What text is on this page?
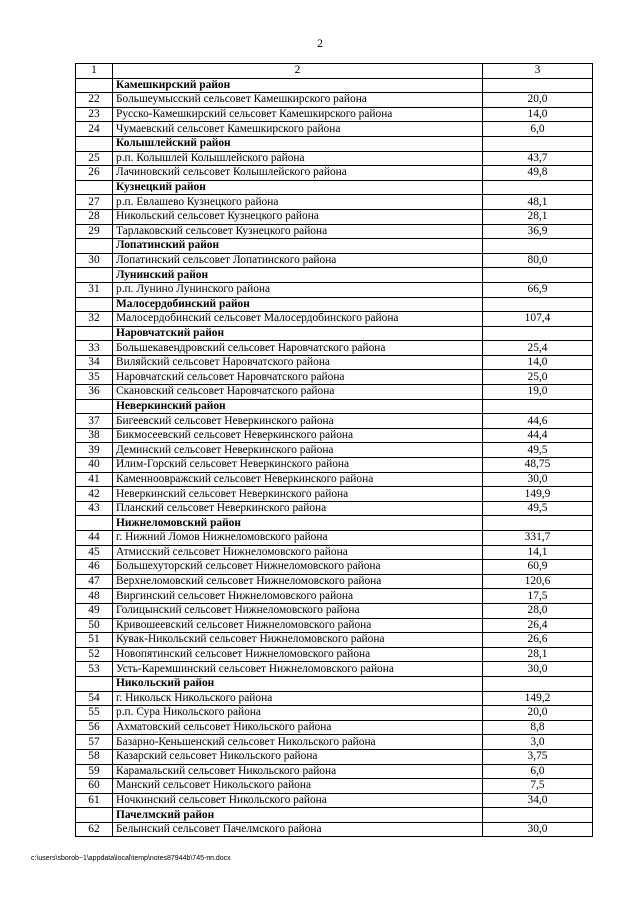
2
1	2	3
	Камешкирский район	
22	Большеумысский сельсовет Камешкирского района	20,0
23	Русско-Камешкирский сельсовет Камешкирского района	14,0
24	Чумаевский сельсовет Камешкирского района	6,0
	Колышлейский район	
25	р.п. Колышлей Колышлейского района	43,7
26	Лачиновский сельсовет Колышлейского района	49,8
	Кузнецкий район	
27	р.п. Евлашево Кузнецкого района	48,1
28	Никольский сельсовет Кузнецкого района	28,1
29	Тарлаковский сельсовет Кузнецкого района	36,9
	Лопатинский район	
30	Лопатинский сельсовет Лопатинского района	80,0
	Лунинский район	
31	р.п. Лунино Лунинского района	66,9
	Малосердобинский район	
32	Малосердобинский сельсовет Малосердобинского района	107,4
	Наровчатский район	
33	Большекавендровский сельсовет Наровчатского района	25,4
34	Виляйский сельсовет Наровчатского района	14,0
35	Наровчатский сельсовет Наровчатского района	25,0
36	Скановский сельсовет Наровчатского района	19,0
	Неверкинский район	
37	Бигеевский сельсовет Неверкинского района	44,6
38	Бикмосеевский сельсовет Неверкинского района	44,4
39	Деминский сельсовет Неверкинского района	49,5
40	Илим-Горский сельсовет Неверкинского района	48,75
41	Каменноовражский сельсовет Неверкинского района	30,0
42	Неверкинский сельсовет Неверкинского района	149,9
43	Планский сельсовет Неверкинского района	49,5
	Нижнеломовский район	
44	г. Нижний Ломов Нижнеломовского района	331,7
45	Атмисский сельсовет Нижнеломовского района	14,1
46	Большехуторский сельсовет Нижнеломовского района	60,9
47	Верхнеломовский сельсовет Нижнеломовского района	120,6
48	Виргинский сельсовет Нижнеломовского района	17,5
49	Голицынский сельсовет Нижнеломовского района	28,0
50	Кривошеевский сельсовет Нижнеломовского района	26,4
51	Кувак-Никольский сельсовет Нижнеломовского района	26,6
52	Новопятинский сельсовет Нижнеломовского района	28,1
53	Усть-Каремшинский сельсовет Нижнеломовского района	30,0
	Никольский район	
54	г. Никольск Никольского района	149,2
55	р.п. Сура Никольского района	20,0
56	Ахматовский сельсовет Никольского района	8,8
57	Базарно-Кеньшенский сельсовет Никольского района	3,0
58	Казарский сельсовет Никольского района	3,75
59	Карамальский сельсовет Никольского района	6,0
60	Манский сельсовет Никольского района	7,5
61	Ночкинский сельсовет Никольского района	34,0
	Пачелмский район	
62	Белынский сельсовет Пачелмского района	30,0
c:\users\sborob~1\appdata\local\temp\notes87944b\745-пп.docx
